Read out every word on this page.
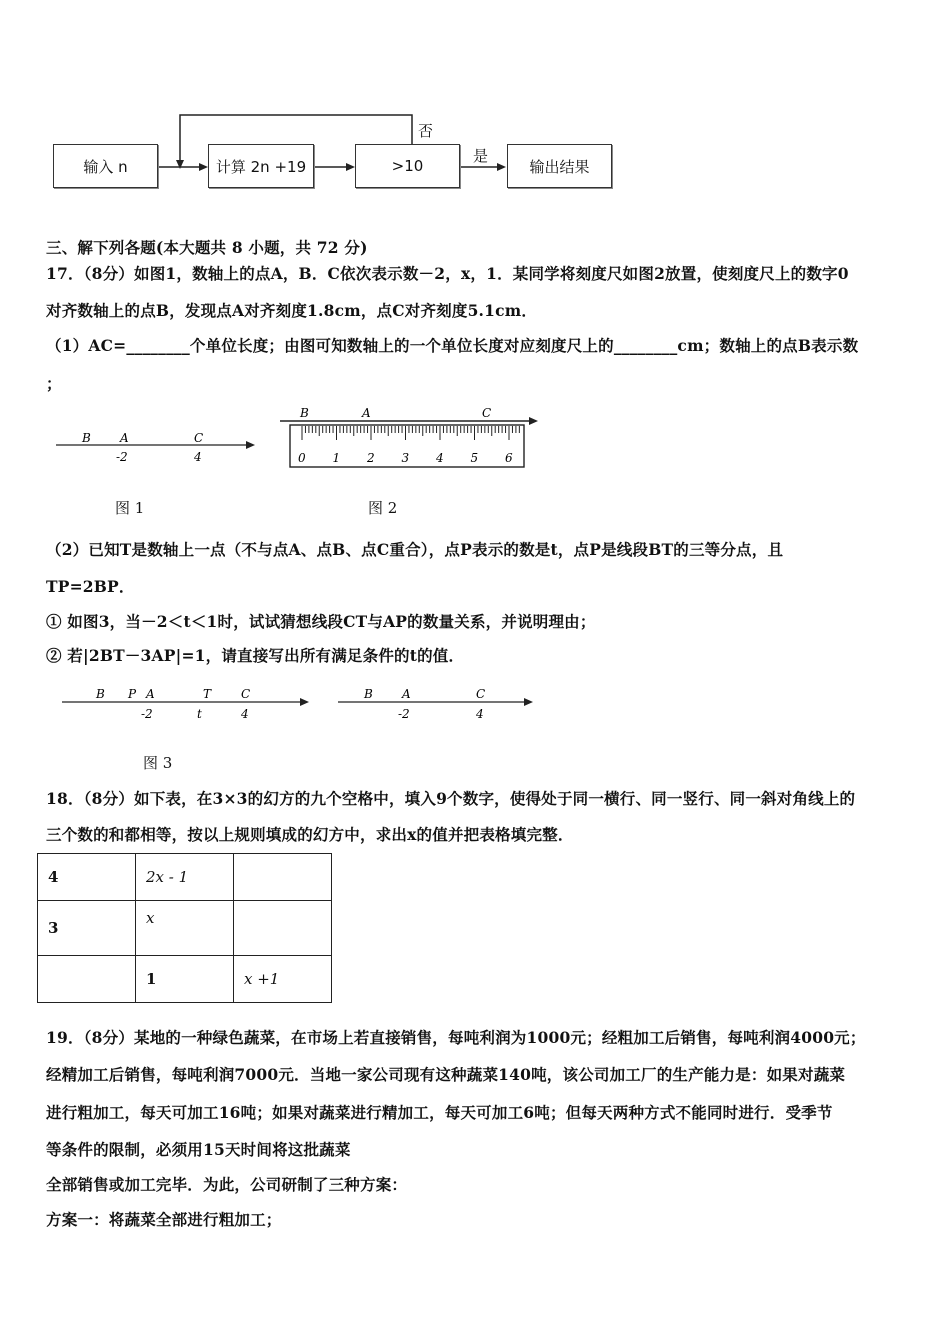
输入 n	计算 2n +19	>10	输出结果
否
是
三、解下列各题(本大题共 8 小题，共 72 分)
17．（8分）如图1，数轴上的点A，B．C依次表示数－2，x，1．某同学将刻度尺如图2放置，使刻度尺上的数字0
对齐数轴上的点B，发现点A对齐刻度1.8cm，点C对齐刻度5.1cm．
（1）AC=________个单位长度；由图可知数轴上的一个单位长度对应刻度尺上的________cm；数轴上的点B表示数
；
B A	C
-2	4
图 1
B	A	C
0 1 2 3 4 5 6
图 2
（2）已知T是数轴上一点（不与点A、点B、点C重合），点P表示的数是t，点P是线段BT的三等分点，且
TP=2BP．
① 如图3，当－2＜t＜1时，试试猜想线段CT与AP的数量关系，并说明理由；
② 若|2BT－3AP|=1，请直接写出所有满足条件的t的值．
B P A	T C
-2	t	4
B A	C
-2	4
图 3
18．（8分）如下表，在3×3的幻方的九个空格中，填入9个数字，使得处于同一横行、同一竖行、同一斜对角线上的
三个数的和都相等，按以上规则填成的幻方中，求出x的值并把表格填完整．
4	2x - 1	
3	x	
	1	x +1
19．（8分）某地的一种绿色蔬菜，在市场上若直接销售，每吨利润为1000元；经粗加工后销售，每吨利润4000元；
经精加工后销售，每吨利润7000元．当地一家公司现有这种蔬菜140吨，该公司加工厂的生产能力是：如果对蔬菜
进行粗加工，每天可加工16吨；如果对蔬菜进行精加工，每天可加工6吨；但每天两种方式不能同时进行．受季节
等条件的限制，必须用15天时间将这批蔬菜
全部销售或加工完毕．为此，公司研制了三种方案：
方案一：将蔬菜全部进行粗加工；
